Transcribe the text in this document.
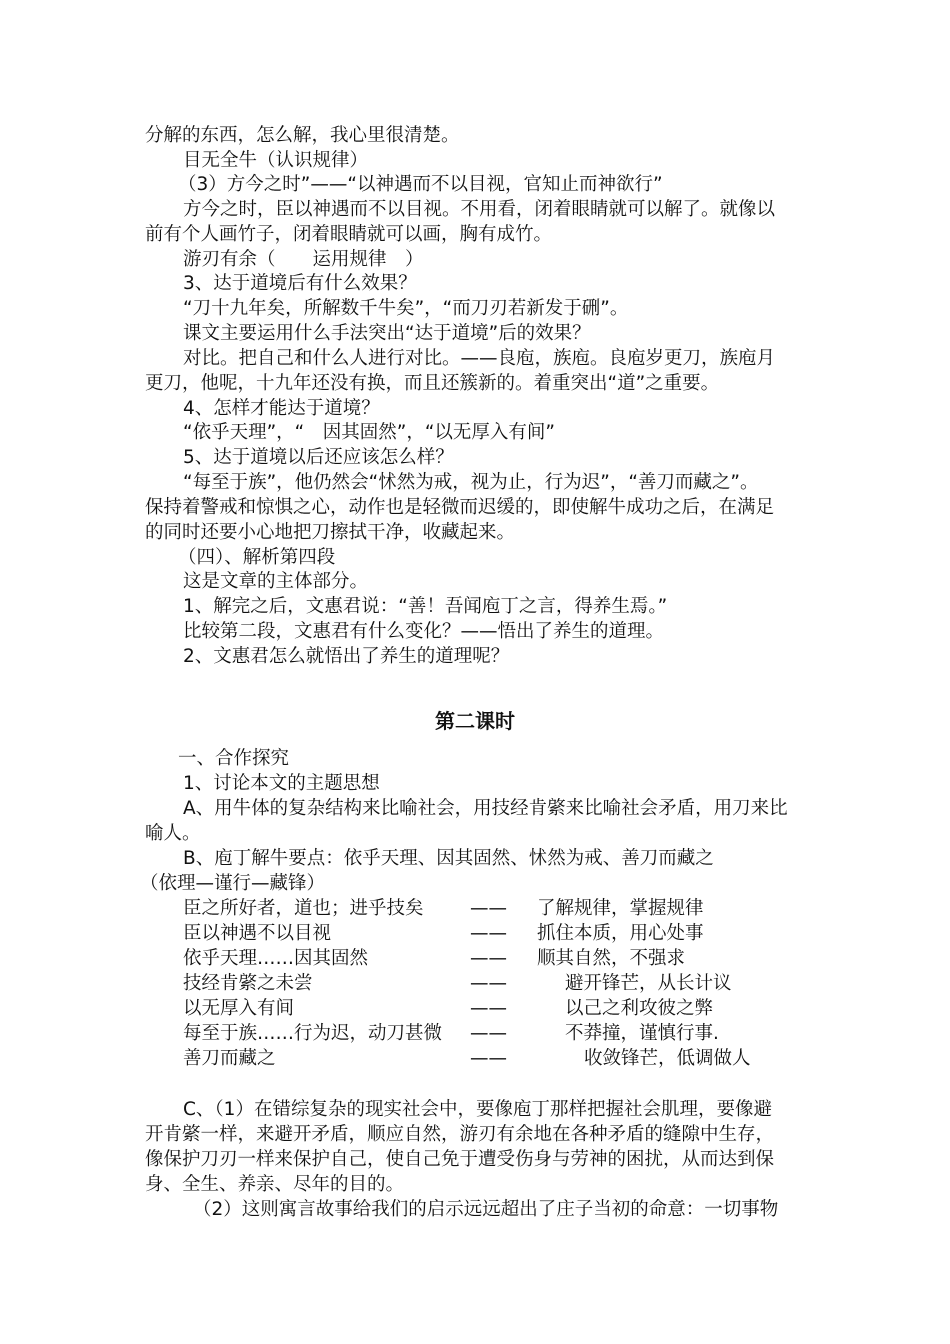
分解的东西，怎么解，我心里很清楚。
目无全牛（认识规律）
（3）方今之时”——“以神遇而不以目视，官知止而神欲行”
方今之时，臣以神遇而不以目视。不用看，闭着眼睛就可以解了。就像以
前有个人画竹子，闭着眼睛就可以画，胸有成竹。
游刃有余（　　运用规律　）
3、达于道境后有什么效果？
“刀十九年矣，所解数千牛矣”，“而刀刃若新发于硎”。
课文主要运用什么手法突出“达于道境”后的效果？
对比。把自己和什么人进行对比。——良庖，族庖。良庖岁更刀，族庖月
更刀，他呢，十九年还没有换，而且还簇新的。着重突出“道”之重要。
4、怎样才能达于道境？
“依乎天理”，“　因其固然”，“以无厚入有间”
5、达于道境以后还应该怎么样？
“每至于族”，他仍然会“怵然为戒，视为止，行为迟”，“善刀而藏之”。
保持着警戒和惊惧之心，动作也是轻微而迟缓的，即使解牛成功之后，在满足
的同时还要小心地把刀擦拭干净，收藏起来。
（四）、解析第四段
这是文章的主体部分。
1、解完之后，文惠君说：“善！吾闻庖丁之言，得养生焉。”
比较第二段，文惠君有什么变化？——悟出了养生的道理。
2、文惠君怎么就悟出了养生的道理呢？
第二课时
一、合作探究
1、讨论本文的主题思想
A、用牛体的复杂结构来比喻社会，用技经肯綮来比喻社会矛盾，用刀来比
喻人。
B、庖丁解牛要点：依乎天理、因其固然、怵然为戒、善刀而藏之
（依理—谨行—藏锋）
臣之所好者，道也；进乎技矣	—— 了解规律，掌握规律
臣以神遇不以目视	—— 抓住本质，用心处事
依乎天理……因其固然	—— 顺其自然，不强求
技经肯綮之未尝	——	避开锋芒，从长计议
以无厚入有间	——	以己之利攻彼之弊
每至于族……行为迟，动刀甚微 ——	不莽撞，谨慎行事.
善刀而藏之	——	收敛锋芒，低调做人
C、（1）在错综复杂的现实社会中，要像庖丁那样把握社会肌理，要像避
开肯綮一样，来避开矛盾，顺应自然，游刃有余地在各种矛盾的缝隙中生存，
像保护刀刃一样来保护自己，使自己免于遭受伤身与劳神的困扰，从而达到保
身、全生、养亲、尽年的目的。
（2）这则寓言故事给我们的启示远远超出了庄子当初的命意：一切事物
